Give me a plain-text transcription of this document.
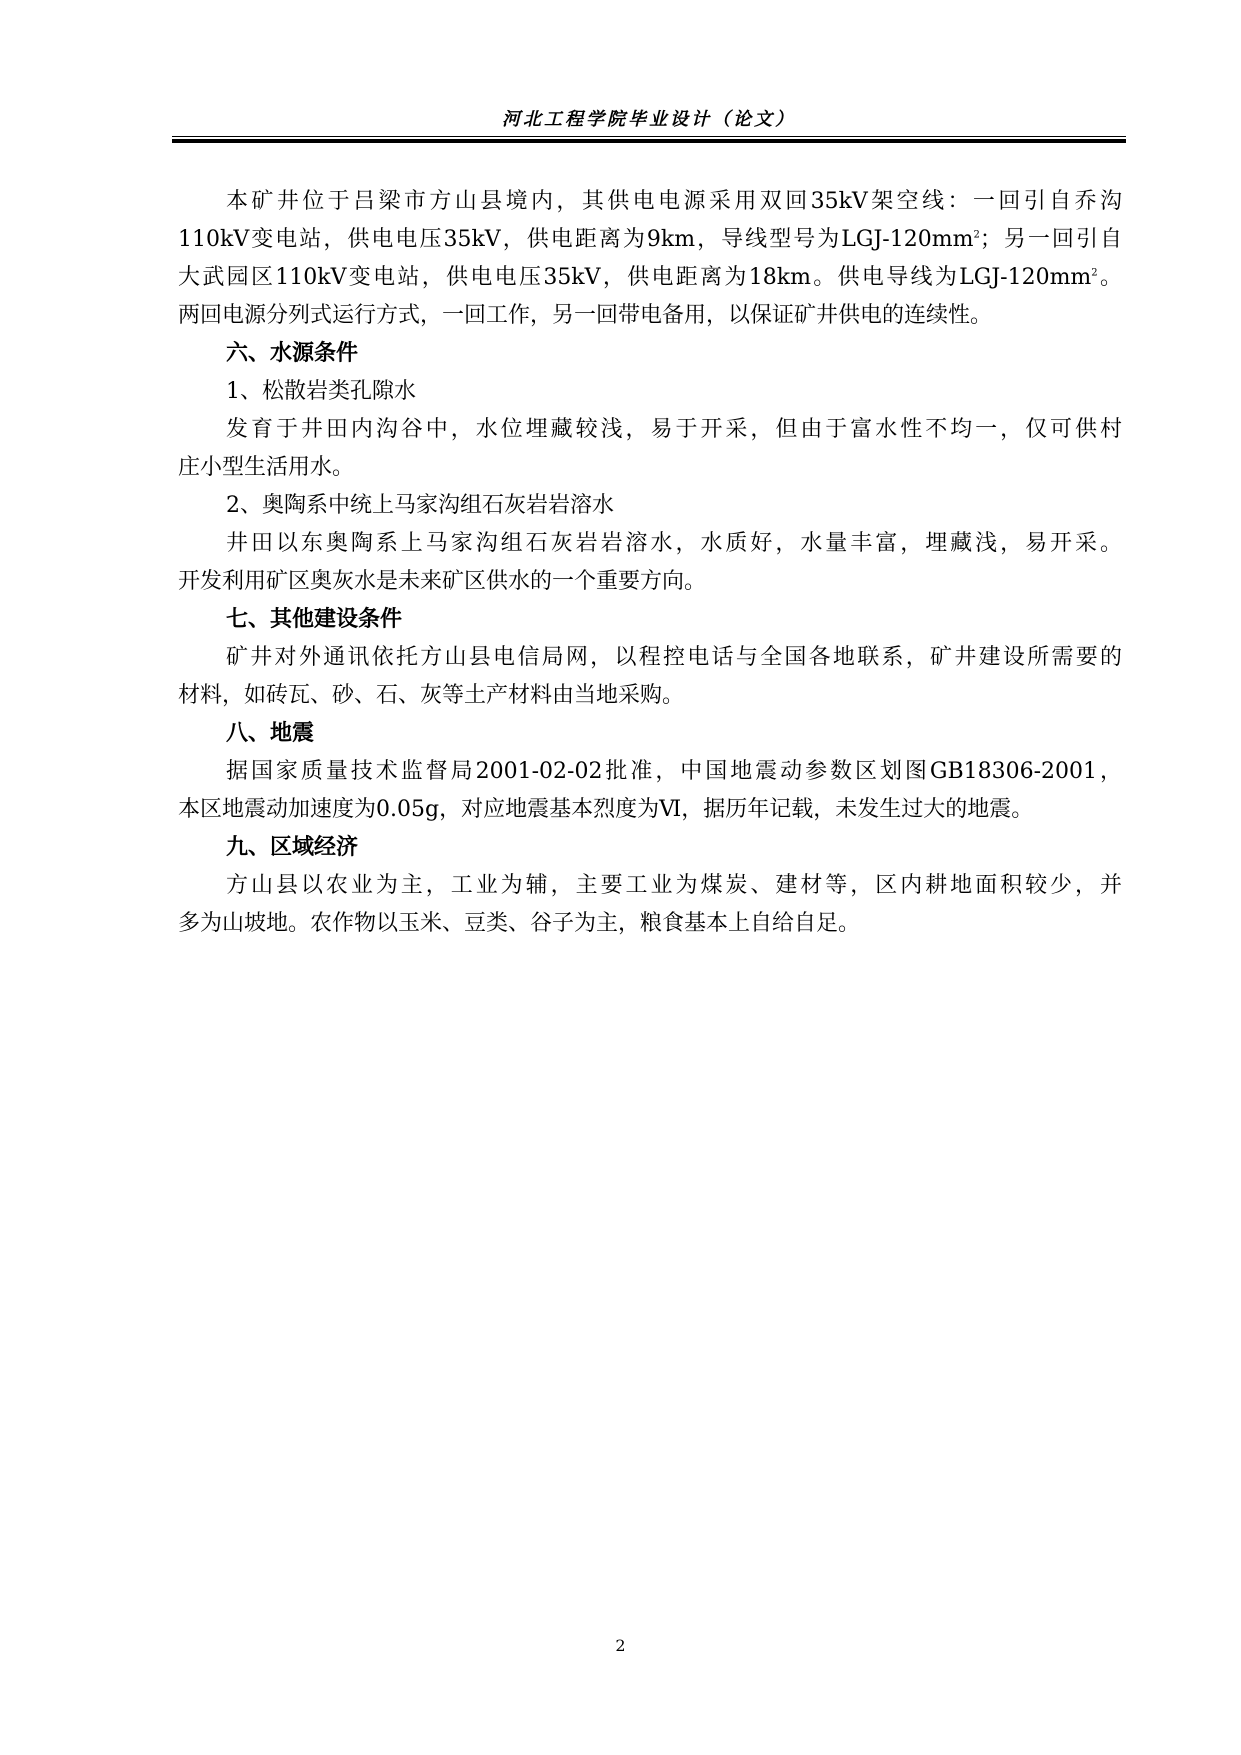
河北工程学院毕业设计（论文）
本矿井位于吕梁市方山县境内，其供电电源采用双回35kV架空线：一回引自乔沟
110kV变电站，供电电压35kV，供电距离为9km，导线型号为LGJ-$120mm^2$；另一回引自
大武园区110kV变电站，供电电压35kV，供电距离为18km。供电导线为LGJ-$120mm^2$。
两回电源分列式运行方式，一回工作，另一回带电备用，以保证矿井供电的连续性。
六、水源条件
1、松散岩类孔隙水
发育于井田内沟谷中，水位埋藏较浅，易于开采，但由于富水性不均一，仅可供村
庄小型生活用水。
2、奥陶系中统上马家沟组石灰岩岩溶水
井田以东奥陶系上马家沟组石灰岩岩溶水，水质好，水量丰富，埋藏浅，易开采。
开发利用矿区奥灰水是未来矿区供水的一个重要方向。
七、其他建设条件
矿井对外通讯依托方山县电信局网，以程控电话与全国各地联系，矿井建设所需要的
材料，如砖瓦、砂、石、灰等土产材料由当地采购。
八、地震
据国家质量技术监督局2001-02-02批准，中国地震动参数区划图GB18306-2001，
本区地震动加速度为0.05g，对应地震基本烈度为Ⅵ，据历年记载，未发生过大的地震。
九、区域经济
方山县以农业为主，工业为辅，主要工业为煤炭、建材等，区内耕地面积较少，并
多为山坡地。农作物以玉米、豆类、谷子为主，粮食基本上自给自足。
2
